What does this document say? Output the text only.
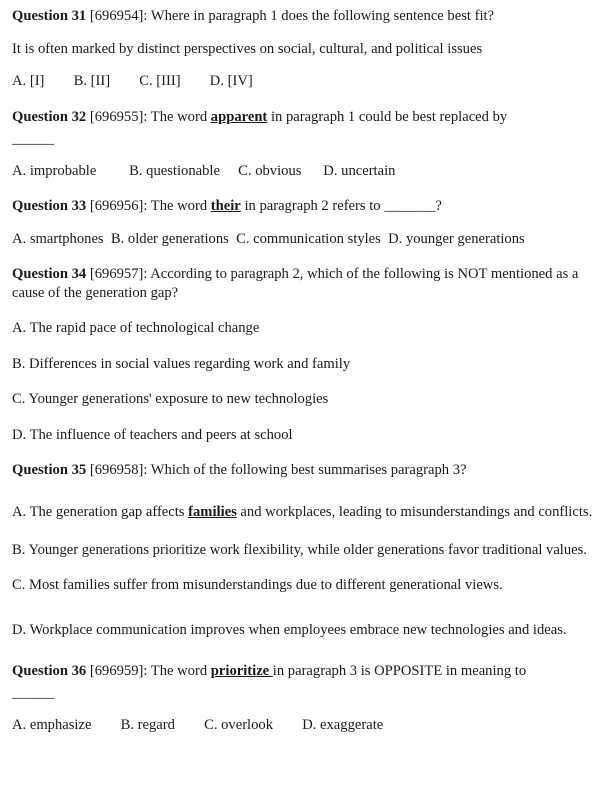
Question 31 [696954]: Where in paragraph 1 does the following sentence best fit?

It is often marked by distinct perspectives on social, cultural, and political issues

A. [I]        B. [II]        C. [III]        D. [IV]

Question 32 [696955]: The word apparent in paragraph 1 could be best replaced by

______

A. improbable         B. questionable     C. obvious      D. uncertain

Question 33 [696956]: The word their in paragraph 2 refers to _______?

A. smartphones  B. older generations  C. communication styles  D. younger generations

Question 34 [696957]: According to paragraph 2, which of the following is NOT mentioned as a cause of the generation gap?

A. The rapid pace of technological change

B. Differences in social values regarding work and family

C. Younger generations' exposure to new technologies

D. The influence of teachers and peers at school

Question 35 [696958]: Which of the following best summarises paragraph 3?

A. The generation gap affects families and workplaces, leading to misunderstandings and conflicts.

B. Younger generations prioritize work flexibility, while older generations favor traditional values.

C. Most families suffer from misunderstandings due to different generational views.

D. Workplace communication improves when employees embrace new technologies and ideas.

Question 36 [696959]: The word prioritize in paragraph 3 is OPPOSITE in meaning to

______

A. emphasize        B. regard        C. overlook        D. exaggerate
